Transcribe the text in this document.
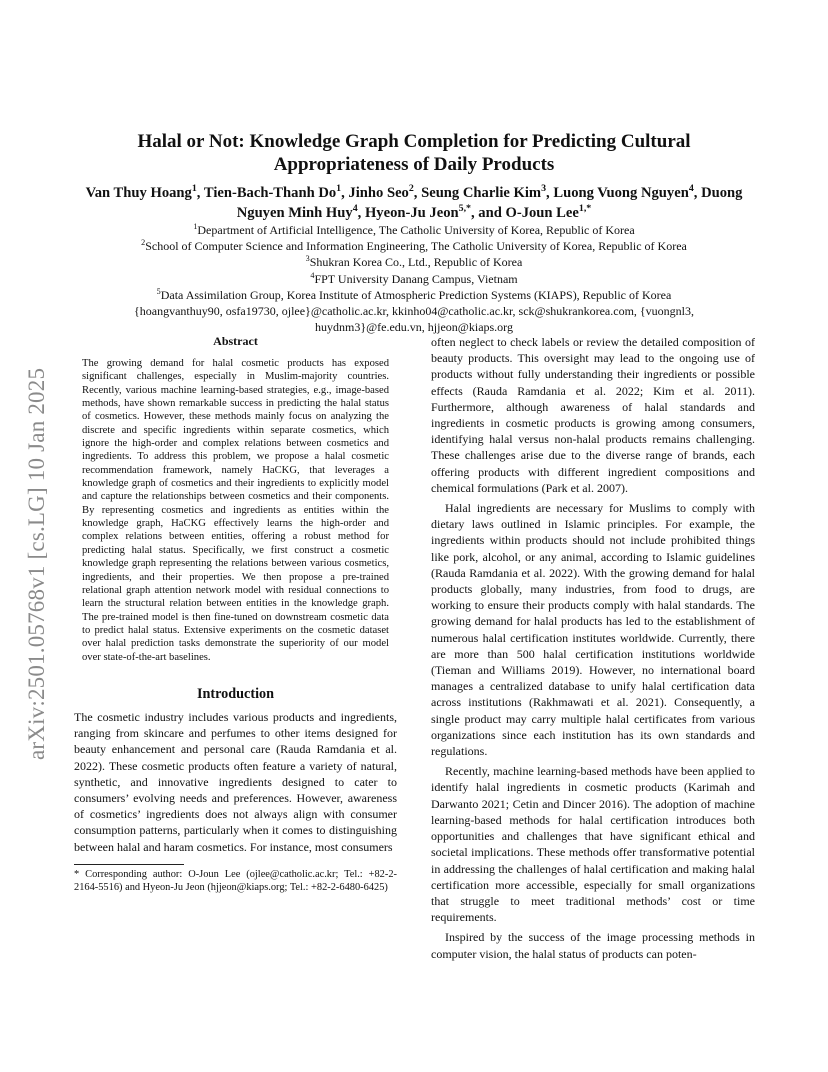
arXiv:2501.05768v1 [cs.LG] 10 Jan 2025
Halal or Not: Knowledge Graph Completion for Predicting Cultural
Appropriateness of Daily Products

Van Thuy Hoang$^1$, Tien-Bach-Thanh Do$^1$, Jinho Seo$^2$, Seung Charlie Kim$^3$, Luong Vuong Nguyen$^4$, Duong Nguyen Minh Huy$^4$, Hyeon-Ju Jeon$^{5,*}$, and O-Joun Lee$^{1,*}$

$^1$Department of Artificial Intelligence, The Catholic University of Korea, Republic of Korea
$^2$School of Computer Science and Information Engineering, The Catholic University of Korea, Republic of Korea
$^3$Shukran Korea Co., Ltd., Republic of Korea
$^4$FPT University Danang Campus, Vietnam
$^5$Data Assimilation Group, Korea Institute of Atmospheric Prediction Systems (KIAPS), Republic of Korea
{hoangvanthuy90, osfa19730, ojlee}@catholic.ac.kr, kkinho04@catholic.ac.kr, sck@shukrankorea.com, {vuongnl3,
huydnm3}@fe.edu.vn, hjjeon@kiaps.org
Abstract

The growing demand for halal cosmetic products has exposed significant challenges, especially in Muslim-majority countries. Recently, various machine learning-based strategies, e.g., image-based methods, have shown remarkable success in predicting the halal status of cosmetics. However, these methods mainly focus on analyzing the discrete and specific ingredients within separate cosmetics, which ignore the high-order and complex relations between cosmetics and ingredients. To address this problem, we propose a halal cosmetic recommendation framework, namely HaCKG, that leverages a knowledge graph of cosmetics and their ingredients to explicitly model and capture the relationships between cosmetics and their components. By representing cosmetics and ingredients as entities within the knowledge graph, HaCKG effectively learns the high-order and complex relations between entities, offering a robust method for predicting halal status. Specifically, we first construct a cosmetic knowledge graph representing the relations between various cosmetics, ingredients, and their properties. We then propose a pre-trained relational graph attention network model with residual connections to learn the structural relation between entities in the knowledge graph. The pre-trained model is then fine-tuned on downstream cosmetic data to predict halal status. Extensive experiments on the cosmetic dataset over halal prediction tasks demonstrate the superiority of our model over state-of-the-art baselines.

Introduction

The cosmetic industry includes various products and ingredients, ranging from skincare and perfumes to other items designed for beauty enhancement and personal care (Rauda Ramdania et al. 2022). These cosmetic products often feature a variety of natural, synthetic, and innovative ingredients designed to cater to consumers’ evolving needs and preferences. However, awareness of cosmetics’ ingredients does not always align with consumer consumption patterns, particularly when it comes to distinguishing between halal and haram cosmetics. For instance, most consumers

* Corresponding author: O-Joun Lee (ojlee@catholic.ac.kr; Tel.: +82-2-2164-5516) and Hyeon-Ju Jeon (hjjeon@kiaps.org; Tel.: +82-2-6480-6425)

often neglect to check labels or review the detailed composition of beauty products. This oversight may lead to the ongoing use of products without fully understanding their ingredients or possible effects (Rauda Ramdania et al. 2022; Kim et al. 2011). Furthermore, although awareness of halal standards and ingredients in cosmetic products is growing among consumers, identifying halal versus non-halal products remains challenging. These challenges arise due to the diverse range of brands, each offering products with different ingredient compositions and chemical formulations (Park et al. 2007).

Halal ingredients are necessary for Muslims to comply with dietary laws outlined in Islamic principles. For example, the ingredients within products should not include prohibited things like pork, alcohol, or any animal, according to Islamic guidelines (Rauda Ramdania et al. 2022). With the growing demand for halal products globally, many industries, from food to drugs, are working to ensure their products comply with halal standards. The growing demand for halal products has led to the establishment of numerous halal certification institutes worldwide. Currently, there are more than 500 halal certification institutions worldwide (Tieman and Williams 2019). However, no international board manages a centralized database to unify halal certification data across institutions (Rakhmawati et al. 2021). Consequently, a single product may carry multiple halal certificates from various organizations since each institution has its own standards and regulations.

Recently, machine learning-based methods have been applied to identify halal ingredients in cosmetic products (Karimah and Darwanto 2021; Cetin and Dincer 2016). The adoption of machine learning-based methods for halal certification introduces both opportunities and challenges that have significant ethical and societal implications. These methods offer transformative potential in addressing the challenges of halal certification and making halal certification more accessible, especially for small organizations that struggle to meet traditional methods’ cost or time requirements.

Inspired by the success of the image processing methods in computer vision, the halal status of products can poten-
